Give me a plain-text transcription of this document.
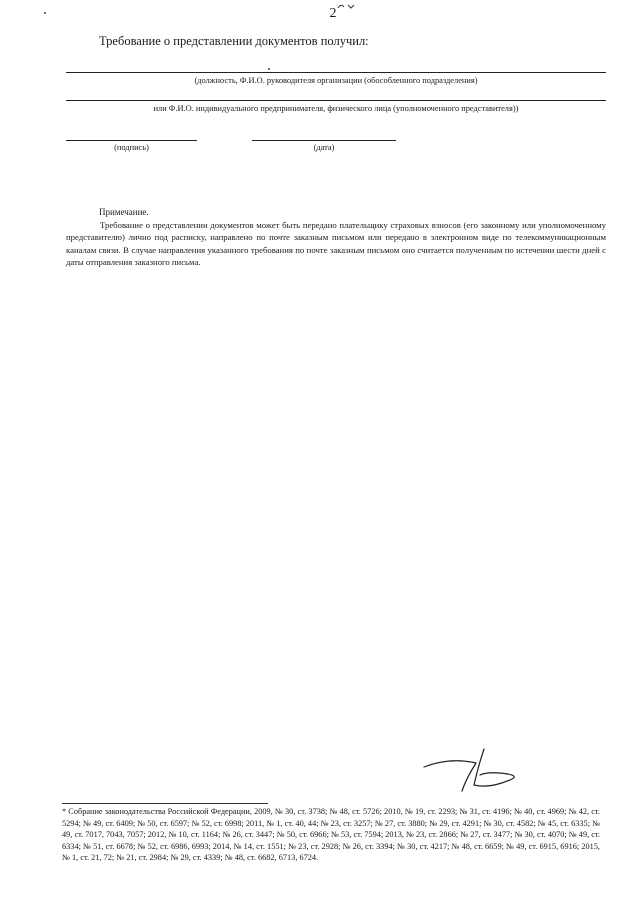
2
Требование о представлении документов получил:
(должность, Ф.И.О. руководителя организации (обособленного подразделения)
или Ф.И.О. индивидуального предпринимателя, физического лица (уполномоченного представителя))
(подпись)	(дата)
Примечание.
Требование о представлении документов может быть передано плательщику страховых взносов (его законному или уполномоченному представителю) лично под расписку, направлено по почте заказным письмом или передано в электронном виде по телекоммуникационным каналам связи. В случае направления указанного требования по почте заказным письмом оно считается полученным по истечении шести дней с даты отправления заказного письма.
* Собрание законодательства Российской Федерации, 2009, № 30, ст. 3738; № 48, ст. 5726; 2010, № 19, ст. 2293; № 31, ст. 4196; № 40, ст. 4969; № 42, ст. 5294; № 49, ст. 6409; № 50, ст. 6597; № 52, ст. 6998; 2011, № 1, ст. 40, 44; № 23, ст. 3257; № 27, ст. 3880; № 29, ст. 4291; № 30, ст. 4582; № 45, ст. 6335; № 49, ст. 7017, 7043, 7057; 2012, № 10, ст. 1164; № 26, ст. 3447; № 50, ст. 6966; № 53, ст. 7594; 2013, № 23, ст. 2866; № 27, ст. 3477; № 30, ст. 4070; № 49, ст. 6334; № 51, ст. 6678; № 52, ст. 6986, 6993; 2014, № 14, ст. 1551; № 23, ст. 2928; № 26, ст. 3394; № 30, ст. 4217; № 48, ст. 6659; № 49, ст. 6915, 6916; 2015, № 1, ст. 21, 72; № 21, ст. 2984; № 29, ст. 4339; № 48, ст. 6682, 6713, 6724.
